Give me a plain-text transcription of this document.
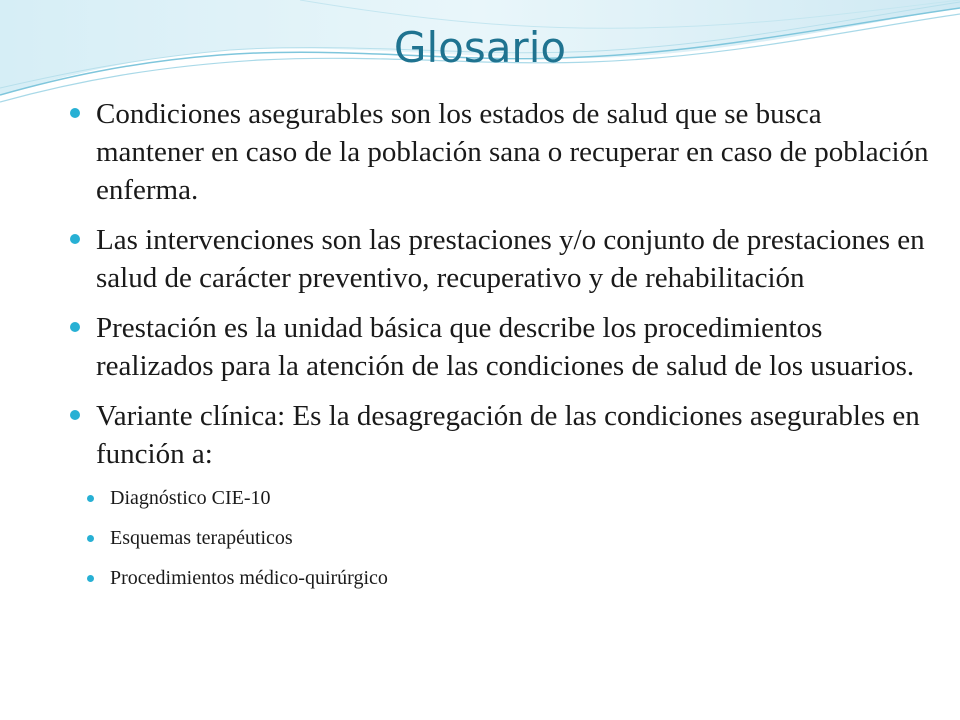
Glosario
Condiciones asegurables son los estados de salud que se busca mantener en caso de la población sana o recuperar en caso de población enferma.
Las intervenciones son las prestaciones y/o conjunto de prestaciones en salud de carácter preventivo, recuperativo y de rehabilitación
Prestación es la unidad básica que describe los procedimientos realizados para la atención de las condiciones de salud de los usuarios.
Variante clínica: Es la desagregación de las condiciones asegurables en función a:
Diagnóstico CIE-10
Esquemas terapéuticos
Procedimientos médico-quirúrgico
